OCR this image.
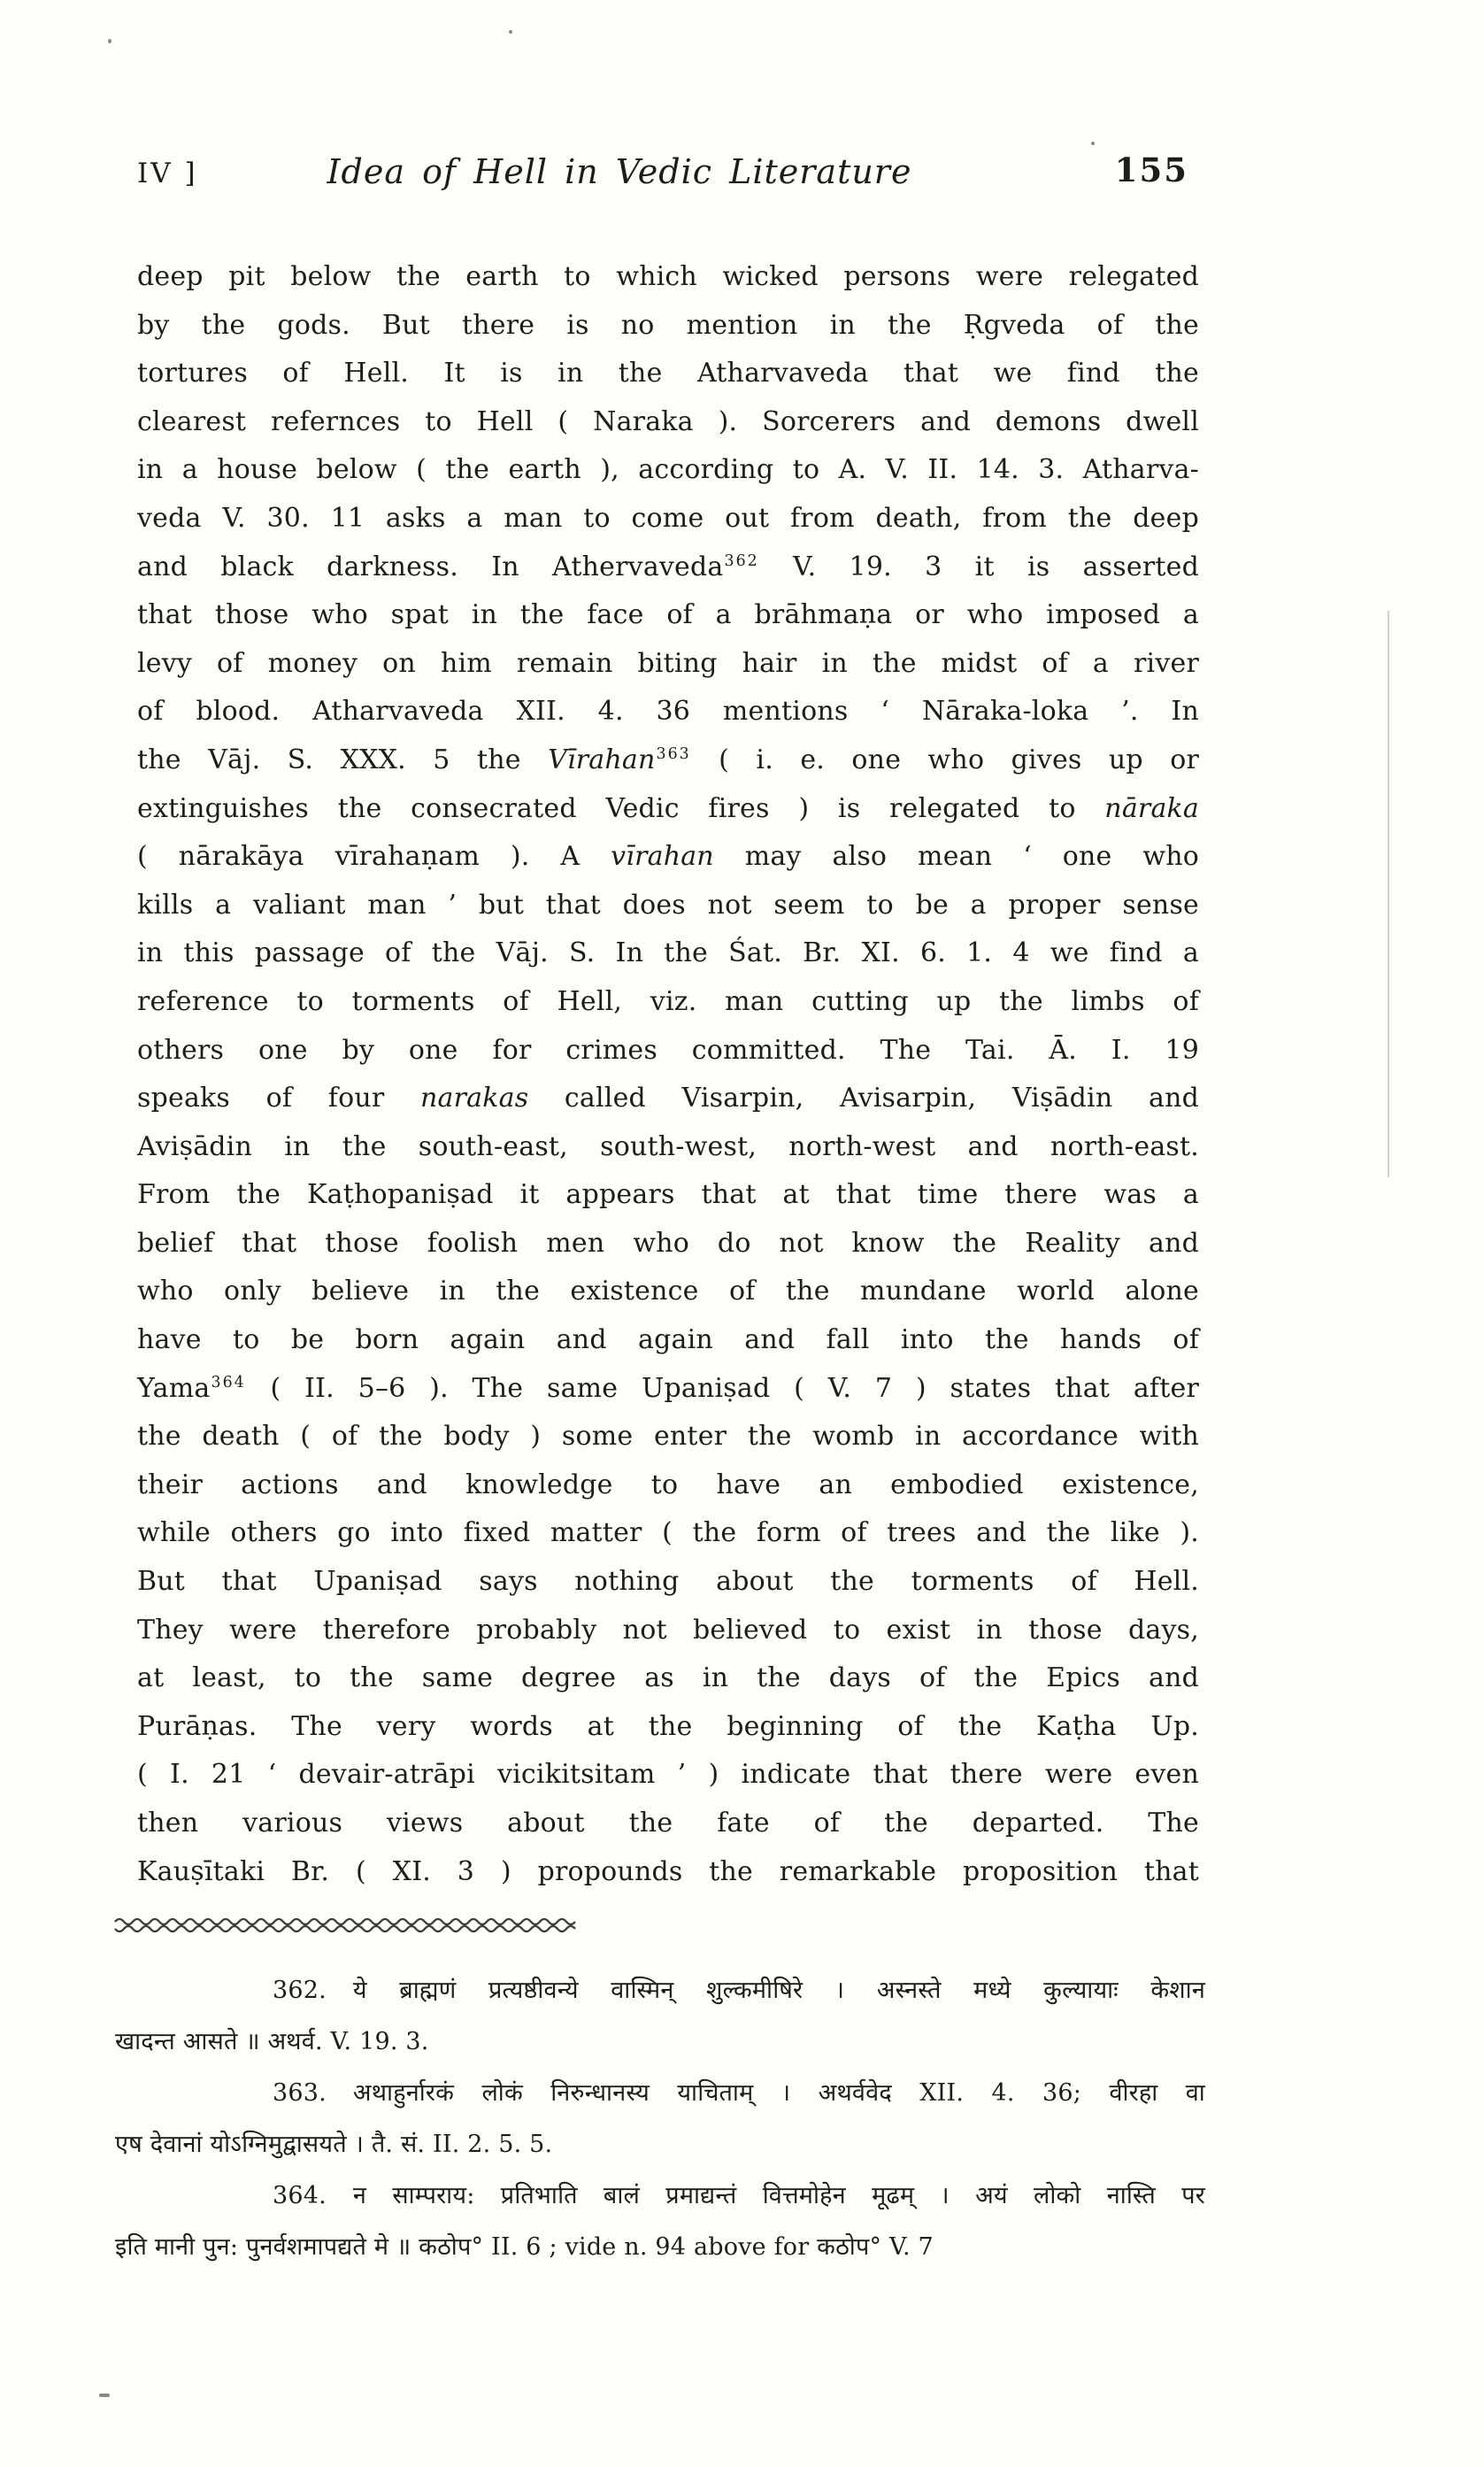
IV ]	Idea of Hell in Vedic Literature	155
deep pit below the earth to which wicked persons were relegated
by the gods. But there is no mention in the Ṛgveda of the
tortures of Hell. It is in the Atharvaveda that we find the
clearest refernces to Hell ( Naraka ). Sorcerers and demons dwell
in a house below ( the earth ), according to A. V. II. 14. 3. Atharva-
veda V. 30. 11 asks a man to come out from death, from the deep
and black darkness. In Athervaveda$^{362}$ V. 19. 3 it is asserted
that those who spat in the face of a brāhmaṇa or who imposed a
levy of money on him remain biting hair in the midst of a river
of blood. Atharvaveda XII. 4. 36 mentions ‘ Nāraka-loka ’. In
the Vāj. S. XXX. 5 the Vīrahan$^{363}$ ( i. e. one who gives up or
extinguishes the consecrated Vedic fires ) is relegated to nāraka
( nārakāya vīrahaṇam ). A vīrahan may also mean ‘ one who
kills a valiant man ’ but that does not seem to be a proper sense
in this passage of the Vāj. S. In the Śat. Br. XI. 6. 1. 4 we find a
reference to torments of Hell, viz. man cutting up the limbs of
others one by one for crimes committed. The Tai. Ā. I. 19
speaks of four narakas called Visarpin, Avisarpin, Viṣādin and
Aviṣādin in the south-east, south-west, north-west and north-east.
From the Kaṭhopaniṣad it appears that at that time there was a
belief that those foolish men who do not know the Reality and
who only believe in the existence of the mundane world alone
have to be born again and again and fall into the hands of
Yama$^{364}$ ( II. 5–6 ). The same Upaniṣad ( V. 7 ) states that after
the death ( of the body ) some enter the womb in accordance with
their actions and knowledge to have an embodied existence,
while others go into fixed matter ( the form of trees and the like ).
But that Upaniṣad says nothing about the torments of Hell.
They were therefore probably not believed to exist in those days,
at least, to the same degree as in the days of the Epics and
Purāṇas. The very words at the beginning of the Kaṭha Up.
( I. 21 ‘ devair-atrāpi vicikitsitam ’ ) indicate that there were even
then various views about the fate of the departed. The
Kauṣītaki Br. ( XI. 3 ) propounds the remarkable proposition that
362. ये ब्राह्मणं प्रत्यष्ठीवन्ये वास्मिन् शुल्कमीषिरे । अस्नस्ते मध्ये कुल्यायाः केशान
खादन्त आसते ॥ अथर्व. V. 19. 3.
363. अथाहुर्नारकं लोकं निरुन्धानस्य याचिताम् । अथर्ववेद XII. 4. 36; वीरहा वा
एष देवानां योऽग्निमुद्वासयते । तै. सं. II. 2. 5. 5.
364. न साम्पराय: प्रतिभाति बालं प्रमाद्यन्तं वित्तमोहेन मूढम् । अयं लोको नास्ति पर
इति मानी पुन: पुनर्वशमापद्यते मे ॥ कठोप° II. 6 ; vide n. 94 above for कठोप° V. 7
